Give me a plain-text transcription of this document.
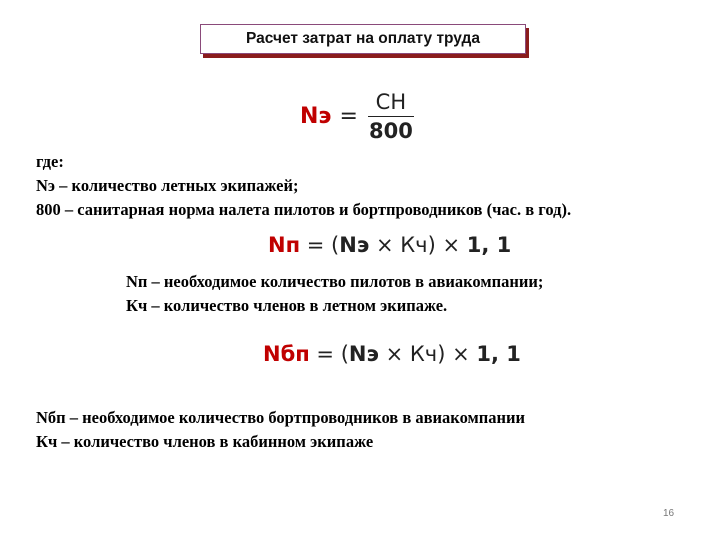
Расчет затрат на оплату труда
Nэ = $\frac{СН}{800}$
где:
Nэ – количество летных экипажей;
800 – санитарная норма налета пилотов и бортпроводников (час. в год).
Nп = (Nэ × Кч) × 1, 1
Nп – необходимое количество пилотов в авиакомпании;
Кч – количество членов в летном экипаже.
Nбп = (Nэ × Кч) × 1, 1
Nбп – необходимое количество бортпроводников в авиакомпании
Кч – количество членов в кабинном экипаже
16
